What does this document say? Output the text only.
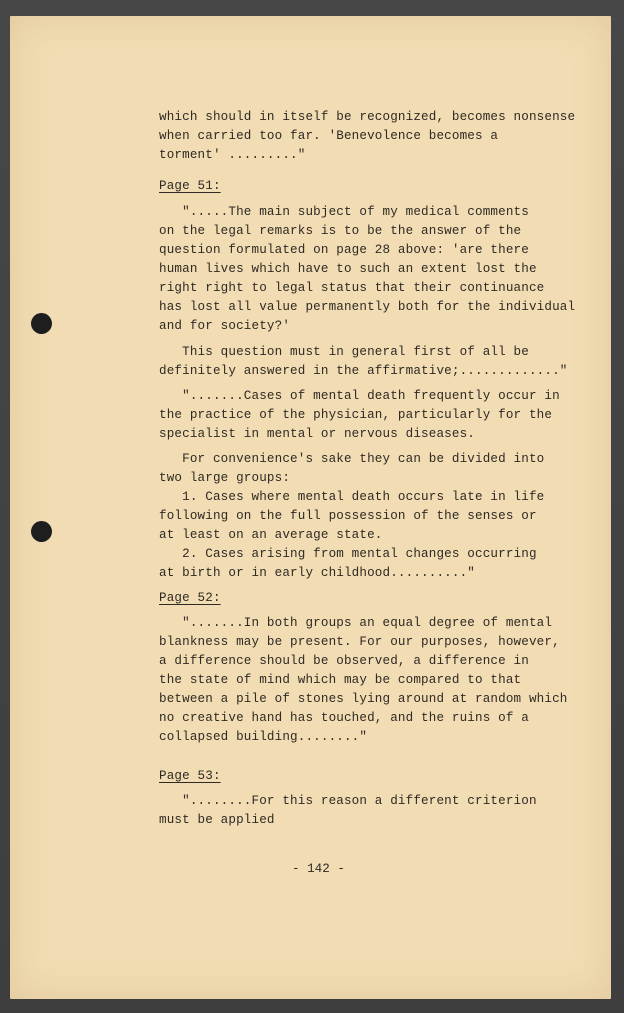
which should in itself be recognized, becomes nonsense

when carried too far. 'Benevolence becomes a

torment' ........."

Page 51:

".....The main subject of my medical comments

on the legal remarks is to be the answer of the

question formulated on page 28 above: 'are there

human lives which have to such an extent lost the

right right to legal status that their continuance

has lost all value permanently both for the individual

and for society?'

This question must in general first of all be

definitely answered in the affirmative;............."

".......Cases of mental death frequently occur in

the practice of the physician, particularly for the

specialist in mental or nervous diseases.

For convenience's sake they can be divided into

two large groups:

1. Cases where mental death occurs late in life

following on the full possession of the senses or

at least on an average state.

2. Cases arising from mental changes occurring

at birth or in early childhood.........."

Page 52:

".......In both groups an equal degree of mental

blankness may be present. For our purposes, however,

a difference should be observed, a difference in

the state of mind which may be compared to that

between a pile of stones lying around at random which

no creative hand has touched, and the ruins of a

collapsed building........"

Page 53:

"........For this reason a different criterion

must be applied

- 142 -
